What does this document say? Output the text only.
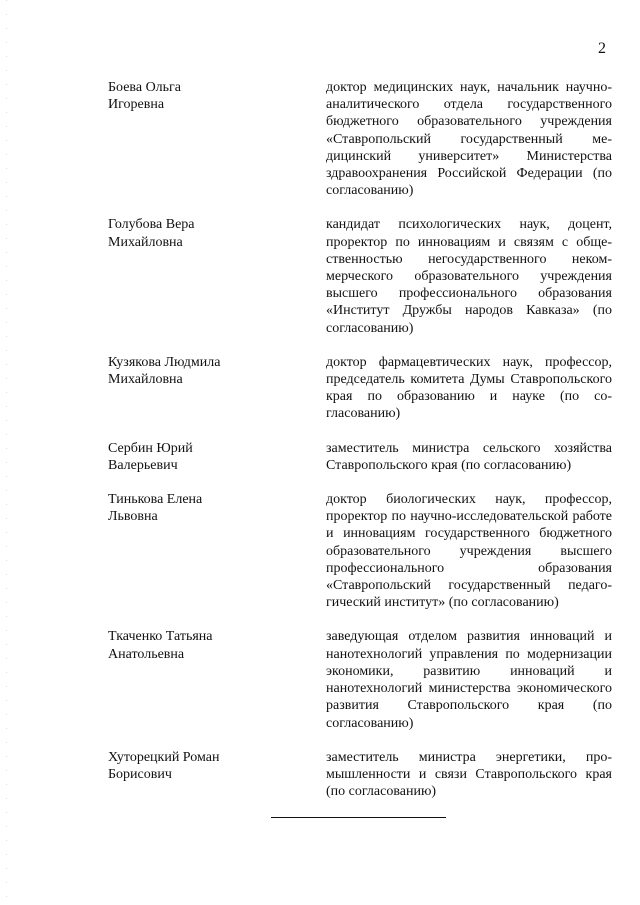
2
Боева Ольга
Игоревна
доктор медицинских наук, начальник научно-аналитического отдела государственного бюджетного образовательного учреждения «Ставропольский государственный медицинский университет» Министерства здравоохранения Российской Федерации (по согласованию)
Голубова Вера
Михайловна
кандидат психологических наук, доцент, проректор по инновациям и связям с общественностью негосударственного некоммерческого образовательного учреждения высшего профессионального образования «Институт Дружбы народов Кавказа» (по согласованию)
Кузякова Людмила
Михайловна
доктор фармацевтических наук, профессор, председатель комитета Думы Ставропольского края по образованию и науке (по согласованию)
Сербин Юрий
Валерьевич
заместитель министра сельского хозяйства Ставропольского края (по согласованию)
Тинькова Елена
Львовна
доктор биологических наук, профессор, проректор по научно-исследовательской работе и инновациям государственного бюджетного образовательного учреждения высшего профессионального образования «Ставропольский государственный педагогический институт» (по согласованию)
Ткаченко Татьяна
Анатольевна
заведующая отделом развития инноваций и нанотехнологий управления по модернизации экономики, развитию инноваций и нанотехнологий министерства экономического развития Ставропольского края (по согласованию)
Хуторецкий Роман
Борисович
заместитель министра энергетики, промышленности и связи Ставропольского края (по согласованию)
